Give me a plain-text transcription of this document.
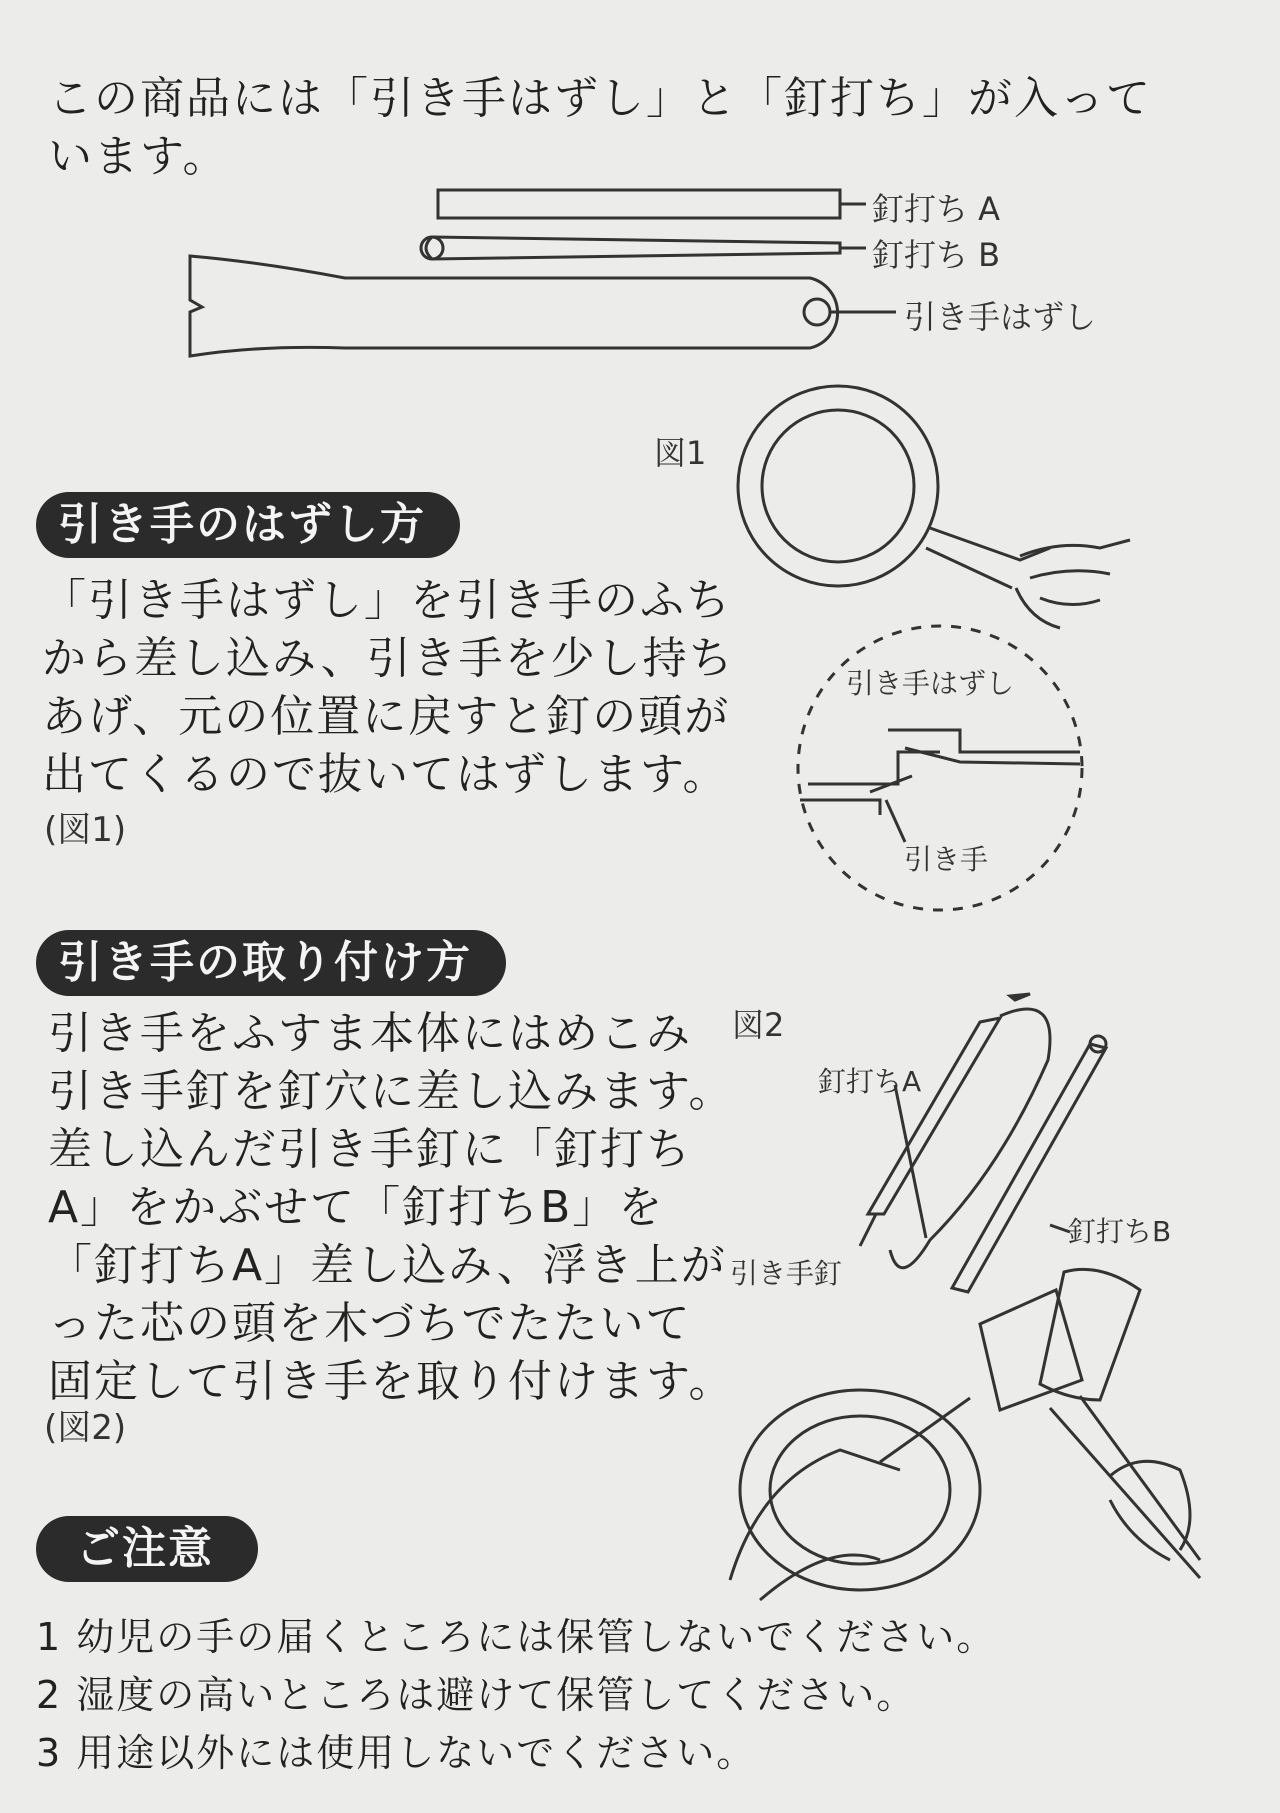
この商品には「引き手はずし」と「釘打ち」が入って
います。
釘打ち A
釘打ち B
引き手はずし
引き手のはずし方
「引き手はずし」を引き手のふち
から差し込み、引き手を少し持ち
あげ、元の位置に戻すと釘の頭が
出てくるので抜いてはずします。
(図1)
図1
引き手はずし
引き手
引き手の取り付け方
引き手をふすま本体にはめこみ
引き手釘を釘穴に差し込みます。
差し込んだ引き手釘に「釘打ち
A」をかぶせて「釘打ちB」を
「釘打ちA」差し込み、浮き上が
った芯の頭を木づちでたたいて
固定して引き手を取り付けます。
(図2)
図2
釘打ちA
釘打ちB
引き手釘
ご注意
1 幼児の手の届くところには保管しないでください。
2 湿度の高いところは避けて保管してください。
3 用途以外には使用しないでください。
